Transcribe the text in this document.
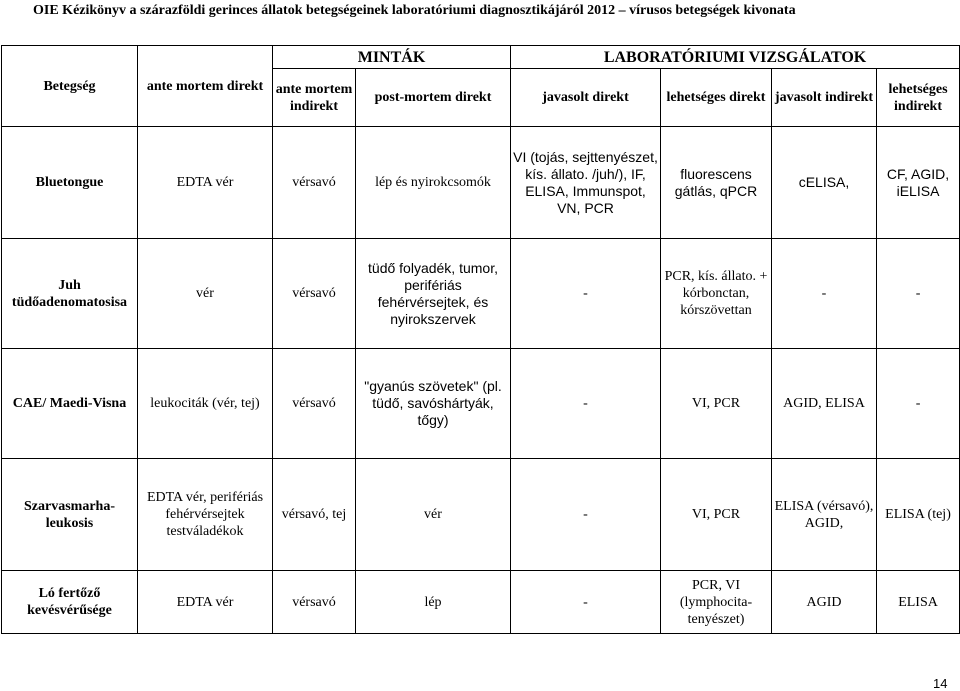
OIE Kézikönyv a szárazföldi gerinces állatok betegségeinek laboratóriumi diagnosztikájáról 2012 – vírusos betegségek kivonata
Betegség	ante mortem direkt	MINTÁK		LABORATÓRIUMI VIZSGÁLATOK			
		ante mortem indirekt	post-mortem direkt	javasolt direkt	lehetséges direkt	javasolt indirekt	lehetséges indirekt
Bluetongue	EDTA vér	vérsavó	lép és nyirokcsomók	VI (tojás, sejttenyészet, kís. állato. /juh/), IF, ELISA, Immunspot, VN, PCR	fluorescens gátlás, qPCR	cELISA,	CF, AGID, iELISA
Juh tüdőadenomatosisa	vér	vérsavó	tüdő folyadék, tumor, perifériás fehérvérsejtek, és nyirokszervek	-	PCR, kís. állato. + kórbonctan, kórszövettan	-	-
CAE/ Maedi-Visna	leukociták (vér, tej)	vérsavó	"gyanús szövetek" (pl. tüdő, savóshártyák, tőgy)	-	VI, PCR	AGID, ELISA	-
Szarvasmarha-leukosis	EDTA vér, perifériás fehérvérsejtek testváladékok	vérsavó, tej	vér	-	VI, PCR	ELISA (vérsavó), AGID,	ELISA (tej)
Ló fertőző kevésvérűsége	EDTA vér	vérsavó	lép	-	PCR, VI (lymphocita-tenyészet)	AGID	ELISA
14
